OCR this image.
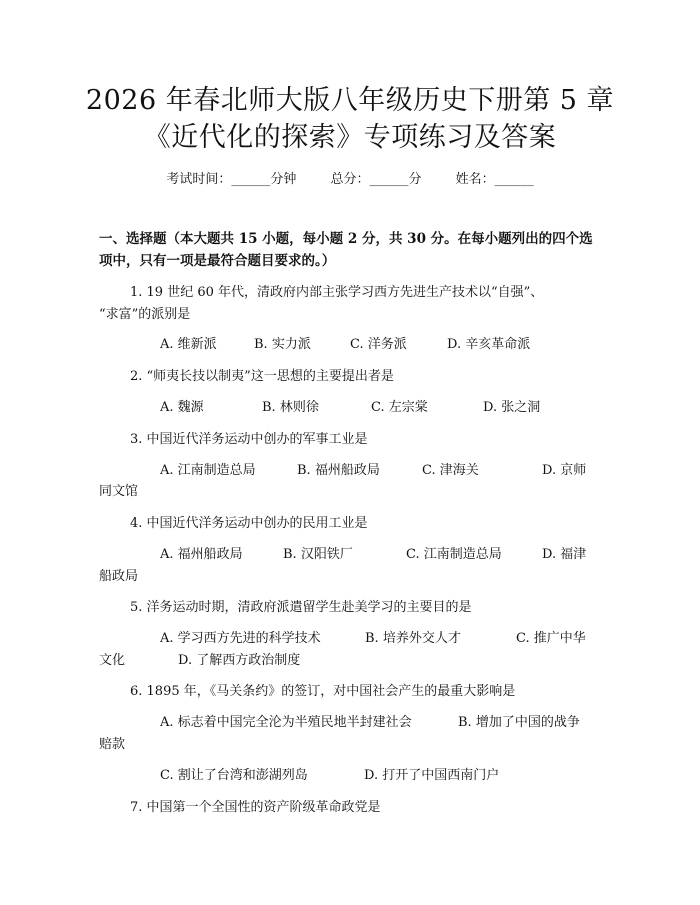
2026 年春北师大版八年级历史下册第 5 章
《近代化的探索》专项练习及答案
考试时间：______分钟	总分：______分	姓名：______
一、选择题（本大题共 15 小题，每小题 2 分，共 30 分。在每小题列出的四个选
项中，只有一项是最符合题目要求的。）
1. 19 世纪 60 年代，清政府内部主张学习西方先进生产技术以“自强”、
“求富”的派别是
A. 维新派	B. 实力派	C. 洋务派	D. 辛亥革命派
2. “师夷长技以制夷”这一思想的主要提出者是
A. 魏源	B. 林则徐	C. 左宗棠	D. 张之洞
3. 中国近代洋务运动中创办的军事工业是
A. 江南制造总局	B. 福州船政局	C. 津海关	D. 京师
同文馆
4. 中国近代洋务运动中创办的民用工业是
A. 福州船政局	B. 汉阳铁厂	C. 江南制造总局	D. 福津
船政局
5. 洋务运动时期，清政府派遣留学生赴美学习的主要目的是
A. 学习西方先进的科学技术	B. 培养外交人才	C. 推广中华
文化	D. 了解西方政治制度
6. 1895 年，《马关条约》的签订，对中国社会产生的最重大影响是
A. 标志着中国完全沦为半殖民地半封建社会	B. 增加了中国的战争
赔款
C. 割让了台湾和澎湖列岛	D. 打开了中国西南门户
7. 中国第一个全国性的资产阶级革命政党是
